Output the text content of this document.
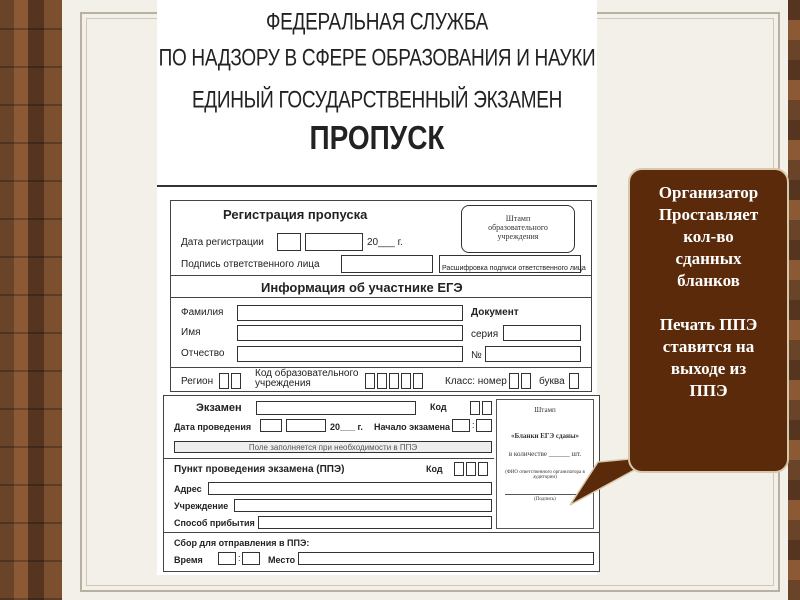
ФЕДЕРАЛЬНАЯ СЛУЖБА
ПО НАДЗОРУ В СФЕРЕ ОБРАЗОВАНИЯ И НАУКИ
ЕДИНЫЙ ГОСУДАРСТВЕННЫЙ ЭКЗАМЕН
ПРОПУСК
Регистрация пропуска
Дата регистрации	20___ г.
Штамп образовательного учреждения
Подпись ответственного лица	Расшифровка подписи ответственного лица
Информация об участнике ЕГЭ
Фамилия
Имя
Отчество
Документ
серия
№
Регион
Код образовательного учреждения	Класс: номер	буква
Экзамен	Код
Дата проведения	20___ г. Начало экзамена :
Поле заполняется при необходимости в ППЭ
Пункт проведения экзамена (ППЭ)	Код
Адрес
Учреждение
Способ прибытия
Сбор для отправления в ППЭ:
Время	:	Место
Штамп
«Бланки ЕГЭ сданы»
в количестве ______ шт.
(ФИО ответственного организатора в аудитории)
(Подпись)

Организатор

Проставляет

кол-во

сданных

бланков

Печать ППЭ

ставится на

выходе из

ППЭ
